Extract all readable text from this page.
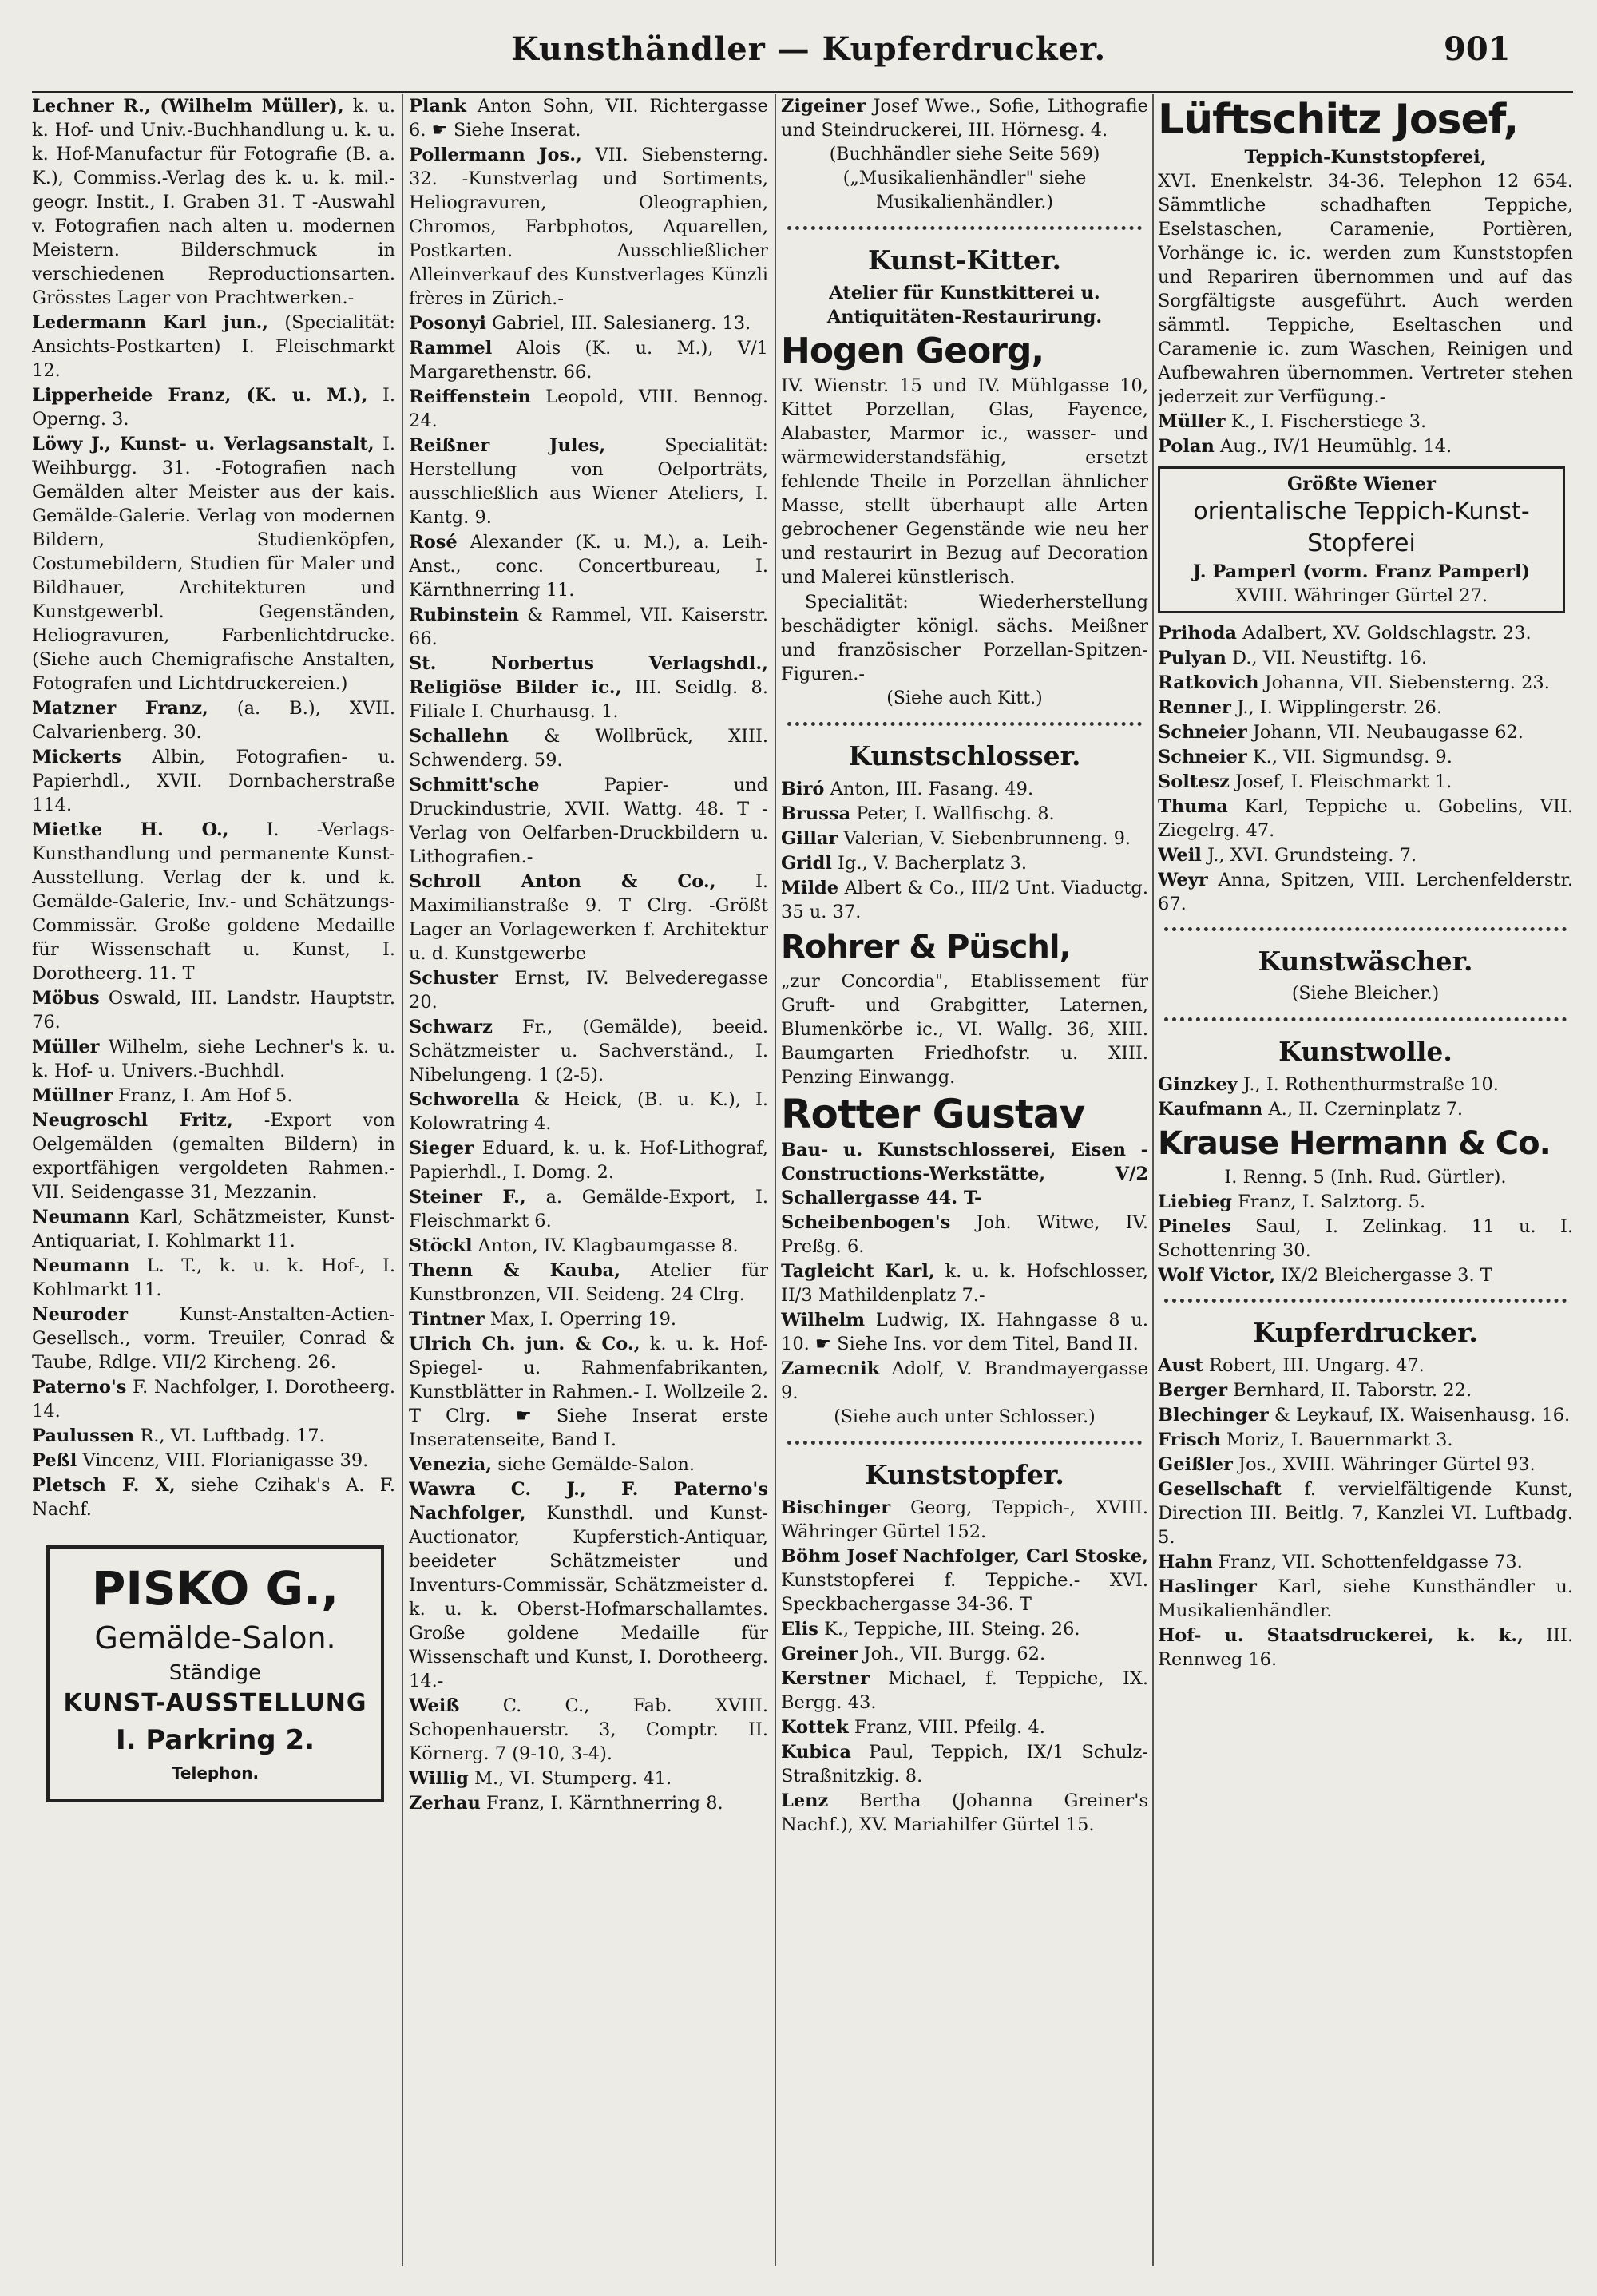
Kunsthändler — Kupferdrucker.	901
Lechner R., (Wilhelm Müller), k. u. k. Hof- und Univ.-Buchhandlung u. k. u. k. Hof-Manufactur für Fotografie (B. a. K.), Commiss.-Verlag des k. u. k. mil.-geogr. Instit., I. Graben 31. T -Auswahl v. Fotografien nach alten u. modernen Meistern. Bilderschmuck in verschiedenen Reproductionsarten. Grösstes Lager von Prachtwerken.-
Ledermann Karl jun., (Specialität: Ansichts-Postkarten) I. Fleischmarkt 12.
Lipperheide Franz, (K. u. M.), I. Operng. 3.
Löwy J., Kunst- u. Verlagsanstalt, I. Weihburgg. 31. -Fotografien nach Gemälden alter Meister aus der kais. Gemälde-Galerie. Verlag von modernen Bildern, Studienköpfen, Costumebildern, Studien für Maler und Bildhauer, Architekturen und Kunstgewerbl. Gegenständen, Heliogravuren, Farbenlichtdrucke. (Siehe auch Chemigrafische Anstalten, Fotografen und Lichtdruckereien.)
Matzner Franz, (a. B.), XVII. Calvarienberg. 30.
Mickerts Albin, Fotografien- u. Papierhdl., XVII. Dornbacherstraße 114.
Mietke H. O., I. -Verlags-Kunsthandlung und permanente Kunst-Ausstellung. Verlag der k. und k. Gemälde-Galerie, Inv.- und Schätzungs-Commissär. Große goldene Medaille für Wissenschaft u. Kunst, I. Dorotheerg. 11. T
Möbus Oswald, III. Landstr. Hauptstr. 76.
Müller Wilhelm, siehe Lechner's k. u. k. Hof- u. Univers.-Buchhdl.
Müllner Franz, I. Am Hof 5.
Neugroschl Fritz, -Export von Oelgemälden (gemalten Bildern) in exportfähigen vergoldeten Rahmen.- VII. Seidengasse 31, Mezzanin.
Neumann Karl, Schätzmeister, Kunst-Antiquariat, I. Kohlmarkt 11.
Neumann L. T., k. u. k. Hof-, I. Kohlmarkt 11.
Neuroder Kunst-Anstalten-Actien-Gesellsch., vorm. Treuiler, Conrad & Taube, Rdlge. VII/2 Kircheng. 26.
Paterno's F. Nachfolger, I. Dorotheerg. 14.
Paulussen R., VI. Luftbadg. 17.
Peßl Vincenz, VIII. Florianigasse 39.
Pletsch F. X, siehe Czihak's A. F. Nachf.
PISKO G.,
Gemälde-Salon.
Ständige
KUNST-AUSSTELLUNG
I. Parkring 2.
Telephon.
Plank Anton Sohn, VII. Richtergasse 6. ☛ Siehe Inserat.
Pollermann Jos., VII. Siebensterng. 32. -Kunstverlag und Sortiments, Heliogravuren, Oleographien, Chromos, Farbphotos, Aquarellen, Postkarten. Ausschließlicher Alleinverkauf des Kunstverlages Künzli frères in Zürich.-
Posonyi Gabriel, III. Salesianerg. 13.
Rammel Alois (K. u. M.), V/1 Margarethenstr. 66.
Reiffenstein Leopold, VIII. Bennog. 24.
Reißner Jules, Specialität: Herstellung von Oelporträts, ausschließlich aus Wiener Ateliers, I. Kantg. 9.
Rosé Alexander (K. u. M.), a. Leih-Anst., conc. Concertbureau, I. Kärnthnerring 11.
Rubinstein & Rammel, VII. Kaiserstr. 66.
St. Norbertus Verlagshdl., Religiöse Bilder ic., III. Seidlg. 8. Filiale I. Churhausg. 1.
Schallehn & Wollbrück, XIII. Schwenderg. 59.
Schmitt'sche Papier- und Druckindustrie, XVII. Wattg. 48. T -Verlag von Oelfarben-Druckbildern u. Lithografien.-
Schroll Anton & Co., I. Maximilianstraße 9. T Clrg. -Größt Lager an Vorlagewerken f. Architektur u. d. Kunstgewerbe
Schuster Ernst, IV. Belvederegasse 20.
Schwarz Fr., (Gemälde), beeid. Schätzmeister u. Sachverständ., I. Nibelungeng. 1 (2-5).
Schworella & Heick, (B. u. K.), I. Kolowratring 4.
Sieger Eduard, k. u. k. Hof-Lithograf, Papierhdl., I. Domg. 2.
Steiner F., a. Gemälde-Export, I. Fleischmarkt 6.
Stöckl Anton, IV. Klagbaumgasse 8.
Thenn & Kauba, Atelier für Kunstbronzen, VII. Seideng. 24 Clrg.
Tintner Max, I. Operring 19.
Ulrich Ch. jun. & Co., k. u. k. Hof-Spiegel- u. Rahmenfabrikanten, Kunstblätter in Rahmen.- I. Wollzeile 2. T Clrg. ☛ Siehe Inserat erste Inseratenseite, Band I.
Venezia, siehe Gemälde-Salon.
Wawra C. J., F. Paterno's Nachfolger, Kunsthdl. und Kunst-Auctionator, Kupferstich-Antiquar, beeideter Schätzmeister und Inventurs-Commissär, Schätzmeister d. k. u. k. Oberst-Hofmarschallamtes. Große goldene Medaille für Wissenschaft und Kunst, I. Dorotheerg. 14.-
Weiß C. C., Fab. XVIII. Schopenhauerstr. 3, Comptr. II. Körnerg. 7 (9-10, 3-4).
Willig M., VI. Stumperg. 41.
Zerhau Franz, I. Kärnthnerring 8.
Zigeiner Josef Wwe., Sofie, Lithografie und Steindruckerei, III. Hörnesg. 4.
(Buchhändler siehe Seite 569)
(„Musikalienhändler" siehe Musikalienhändler.)
Kunst-Kitter.
Atelier für Kunstkitterei u. Antiquitäten-Restaurirung.
Hogen Georg,
IV. Wienstr. 15 und IV. Mühlgasse 10, Kittet Porzellan, Glas, Fayence, Alabaster, Marmor ic., wasser- und wärmewiderstandsfähig, ersetzt fehlende Theile in Porzellan ähnlicher Masse, stellt überhaupt alle Arten gebrochener Gegenstände wie neu her und restaurirt in Bezug auf Decoration und Malerei künstlerisch.
Specialität: Wiederherstellung beschädigter königl. sächs. Meißner und französischer Porzellan-Spitzen-Figuren.-
(Siehe auch Kitt.)
Kunstschlosser.
Biró Anton, III. Fasang. 49.
Brussa Peter, I. Wallfischg. 8.
Gillar Valerian, V. Siebenbrunneng. 9.
Gridl Ig., V. Bacherplatz 3.
Milde Albert & Co., III/2 Unt. Viaductg. 35 u. 37.
Rohrer & Püschl,
„zur Concordia", Etablissement für Gruft- und Grabgitter, Laternen, Blumenkörbe ic., VI. Wallg. 36, XIII. Baumgarten Friedhofstr. u. XIII. Penzing Einwangg.
Rotter Gustav
Bau- u. Kunstschlosserei, Eisen - Constructions-Werkstätte, V/2 Schallergasse 44. T-
Scheibenbogen's Joh. Witwe, IV. Preßg. 6.
Tagleicht Karl, k. u. k. Hofschlosser, II/3 Mathildenplatz 7.-
Wilhelm Ludwig, IX. Hahngasse 8 u. 10. ☛ Siehe Ins. vor dem Titel, Band II.
Zamecnik Adolf, V. Brandmayergasse 9.
(Siehe auch unter Schlosser.)
Kunststopfer.
Bischinger Georg, Teppich-, XVIII. Währinger Gürtel 152.
Böhm Josef Nachfolger, Carl Stoske, Kunststopferei f. Teppiche.- XVI. Speckbachergasse 34-36. T
Elis K., Teppiche, III. Steing. 26.
Greiner Joh., VII. Burgg. 62.
Kerstner Michael, f. Teppiche, IX. Bergg. 43.
Kottek Franz, VIII. Pfeilg. 4.
Kubica Paul, Teppich, IX/1 Schulz-Straßnitzkig. 8.
Lenz Bertha (Johanna Greiner's Nachf.), XV. Mariahilfer Gürtel 15.
Lüftschitz Josef,
Teppich-Kunststopferei,
XVI. Enenkelstr. 34-36. Telephon 12 654. Sämmtliche schadhaften Teppiche, Eselstaschen, Caramenie, Portièren, Vorhänge ic. ic. werden zum Kunststopfen und Repariren übernommen und auf das Sorgfältigste ausgeführt. Auch werden sämmtl. Teppiche, Eseltaschen und Caramenie ic. zum Waschen, Reinigen und Aufbewahren übernommen. Vertreter stehen jederzeit zur Verfügung.-
Müller K., I. Fischerstiege 3.
Polan Aug., IV/1 Heumühlg. 14.
Größte Wiener
orientalische Teppich-Kunst-
Stopferei
J. Pamperl (vorm. Franz Pamperl)
XVIII. Währinger Gürtel 27.
Prihoda Adalbert, XV. Goldschlagstr. 23.
Pulyan D., VII. Neustiftg. 16.
Ratkovich Johanna, VII. Siebensterng. 23.
Renner J., I. Wipplingerstr. 26.
Schneier Johann, VII. Neubaugasse 62.
Schneier K., VII. Sigmundsg. 9.
Soltesz Josef, I. Fleischmarkt 1.
Thuma Karl, Teppiche u. Gobelins, VII. Ziegelrg. 47.
Weil J., XVI. Grundsteing. 7.
Weyr Anna, Spitzen, VIII. Lerchenfelderstr. 67.
Kunstwäscher.
(Siehe Bleicher.)
Kunstwolle.
Ginzkey J., I. Rothenthurmstraße 10.
Kaufmann A., II. Czerninplatz 7.
Krause Hermann & Co.
I. Renng. 5 (Inh. Rud. Gürtler).
Liebieg Franz, I. Salztorg. 5.
Pineles Saul, I. Zelinkag. 11 u. I. Schottenring 30.
Wolf Victor, IX/2 Bleichergasse 3. T
Kupferdrucker.
Aust Robert, III. Ungarg. 47.
Berger Bernhard, II. Taborstr. 22.
Blechinger & Leykauf, IX. Waisenhausg. 16.
Frisch Moriz, I. Bauernmarkt 3.
Geißler Jos., XVIII. Währinger Gürtel 93.
Gesellschaft f. vervielfältigende Kunst, Direction III. Beitlg. 7, Kanzlei VI. Luftbadg. 5.
Hahn Franz, VII. Schottenfeldgasse 73.
Haslinger Karl, siehe Kunsthändler u. Musikalienhändler.
Hof- u. Staatsdruckerei, k. k., III. Rennweg 16.
